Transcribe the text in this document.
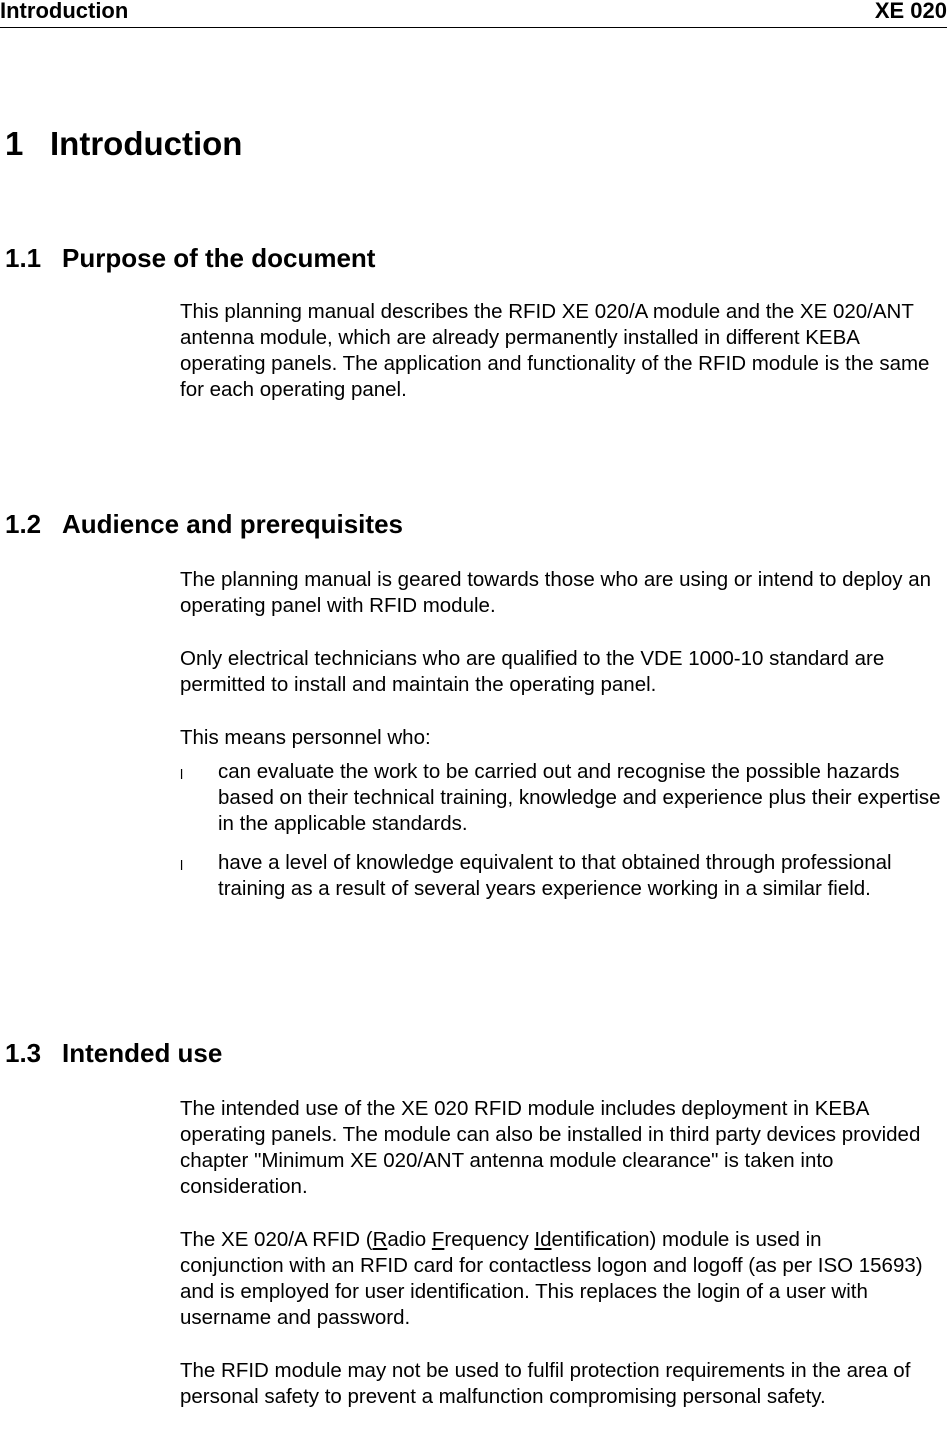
Introduction	XE 020
1 Introduction
1.1 Purpose of the document

This planning manual describes the RFID XE 020/A module and the XE 020/ANT antenna module, which are already permanently installed in different KEBA operating panels. The application and functionality of the RFID module is the same for each operating panel.

1.2 Audience and prerequisites

The planning manual is geared towards those who are using or intend to deploy an operating panel with RFID module.

Only electrical technicians who are qualified to the VDE 1000-10 standard are permitted to install and maintain the operating panel.

This means personnel who:

l can evaluate the work to be carried out and recognise the possible hazards based on their technical training, knowledge and experience plus their expertise in the applicable standards.
l have a level of knowledge equivalent to that obtained through professional training as a result of several years experience working in a similar field.
1.3 Intended use

The intended use of the XE 020 RFID module includes deployment in KEBA operating panels. The module can also be installed in third party devices provided chapter "Minimum XE 020/ANT antenna module clearance" is taken into consideration.

The XE 020/A RFID (Radio Frequency Identification) module is used in
conjunction with an RFID card for contactless logon and logoff (as per ISO 15693) and is employed for user identification. This replaces the login of a user with username and password.

The RFID module may not be used to fulfil protection requirements in the area of personal safety to prevent a malfunction compromising personal safety.
